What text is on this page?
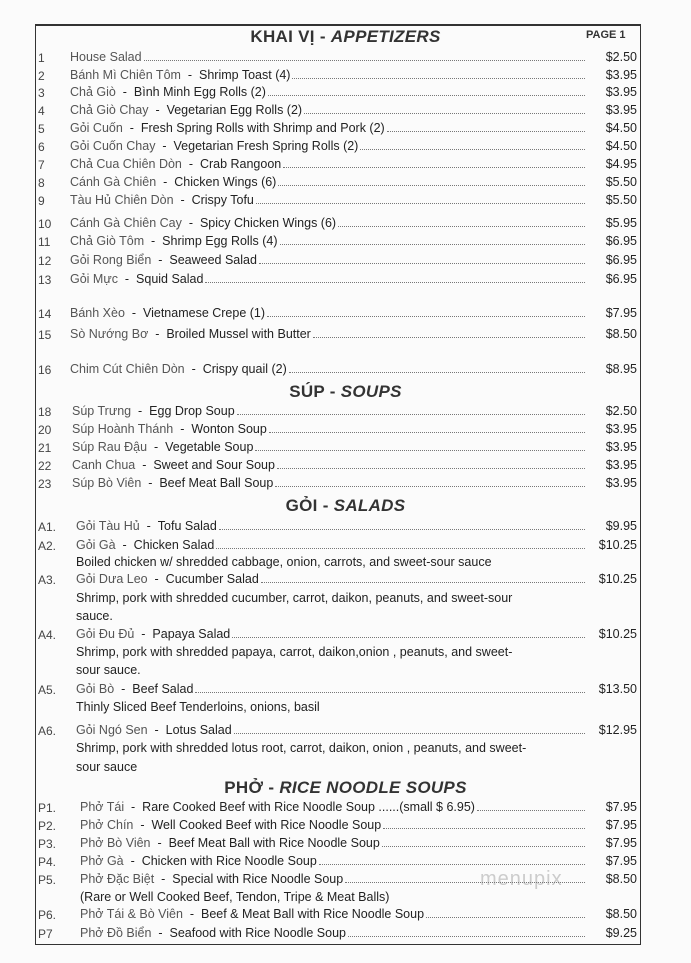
PAGE 1
menupix
KHAI VỊ - APPETIZERS
1 House Salad	$2.50
2 Bánh Mì Chiên Tôm - Shrimp Toast (4)	$3.95
3 Chả Giò - Bình Minh Egg Rolls (2)	$3.95
4 Chả Giò Chay - Vegetarian Egg Rolls (2)	$3.95
5 Gỏi Cuốn - Fresh Spring Rolls with Shrimp and Pork (2)	$4.50
6 Gỏi Cuốn Chay - Vegetarian Fresh Spring Rolls (2)	$4.50
7 Chả Cua Chiên Dòn - Crab Rangoon	$4.95
8 Cánh Gà Chiên - Chicken Wings (6)	$5.50
9 Tàu Hủ Chiên Dòn - Crispy Tofu	$5.50
10 Cánh Gà Chiên Cay - Spicy Chicken Wings (6)	$5.95
11 Chả Giò Tôm - Shrimp Egg Rolls (4)	$6.95
12 Gỏi Rong Biển - Seaweed Salad	$6.95
13 Gỏi Mực - Squid Salad	$6.95
14 Bánh Xèo - Vietnamese Crepe (1)	$7.95
15 Sò Nướng Bơ - Broiled Mussel with Butter	$8.50
16 Chim Cút Chiên Dòn - Crispy quail (2)	$8.95
SÚP - SOUPS
18 Súp Trưng - Egg Drop Soup	$2.50
20 Súp Hoành Thánh - Wonton Soup	$3.95
21 Súp Rau Đậu - Vegetable Soup	$3.95
22 Canh Chua - Sweet and Sour Soup	$3.95
23 Súp Bò Viên - Beef Meat Ball Soup	$3.95
GỎI - SALADS
A1. Gỏi Tàu Hủ - Tofu Salad	$9.95
A2. Gỏi Gà - Chicken Salad	$10.25
Boiled chicken w/ shredded cabbage, onion, carrots, and sweet-sour sauce
A3. Gỏi Dưa Leo - Cucumber Salad	$10.25
Shrimp, pork with shredded cucumber, carrot, daikon, peanuts, and sweet-sour
sauce.
A4. Gỏi Đu Đủ - Papaya Salad	$10.25
Shrimp, pork with shredded papaya, carrot, daikon,onion , peanuts, and sweet-
sour sauce.
A5. Gỏi Bò - Beef Salad	$13.50
Thinly Sliced Beef Tenderloins, onions, basil
A6. Gỏi Ngó Sen - Lotus Salad	$12.95
Shrimp, pork with shredded lotus root, carrot, daikon, onion , peanuts, and sweet-
sour sauce
PHỞ - RICE NOODLE SOUPS
P1. Phở Tái - Rare Cooked Beef with Rice Noodle Soup ......(small $ 6.95)	$7.95
P2. Phở Chín - Well Cooked Beef with Rice Noodle Soup	$7.95
P3. Phở Bò Viên - Beef Meat Ball with Rice Noodle Soup	$7.95
P4. Phở Gà - Chicken with Rice Noodle Soup	$7.95
P5. Phở Đặc Biệt - Special with Rice Noodle Soup	$8.50
(Rare or Well Cooked Beef, Tendon, Tripe & Meat Balls)
P6. Phở Tái & Bò Viên - Beef & Meat Ball with Rice Noodle Soup	$8.50
P7 Phở Đồ Biển - Seafood with Rice Noodle Soup	$9.25
